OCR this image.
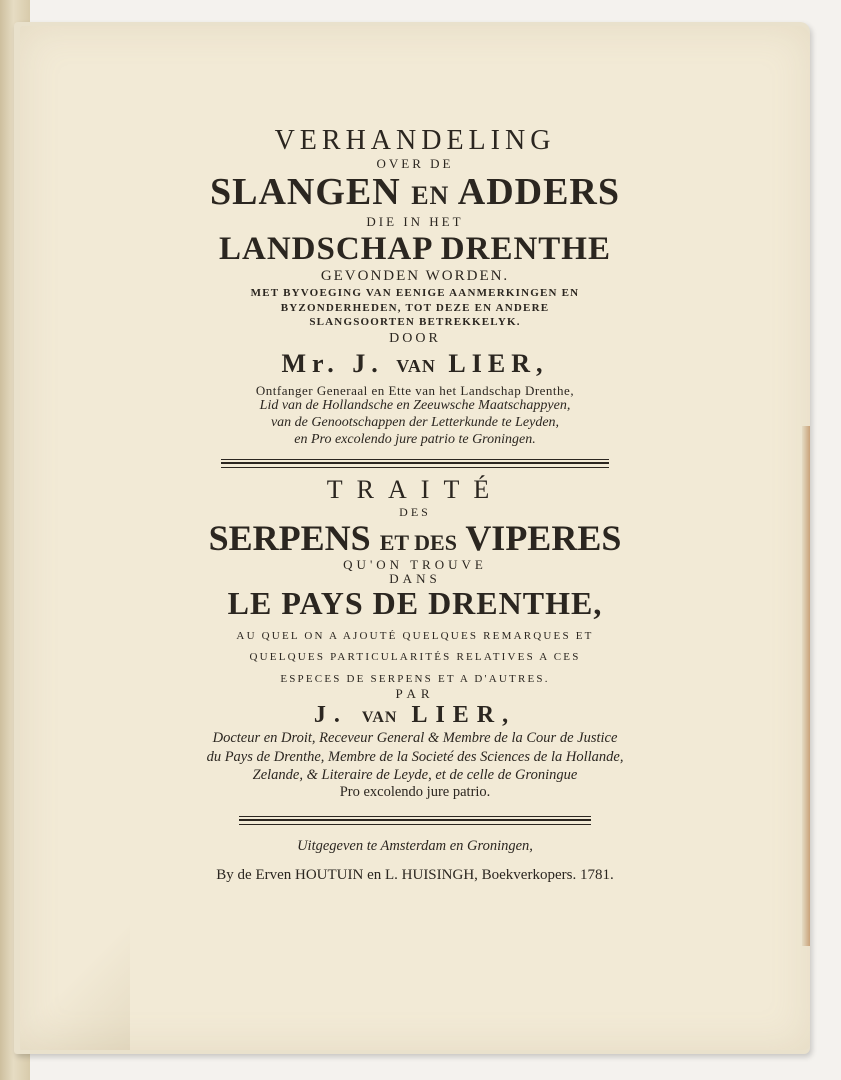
VERHANDELING
OVER DE
SLANGEN EN ADDERS
DIE IN HET
LANDSCHAP DRENTHE
GEVONDEN WORDEN.
MET BYVOEGING VAN EENIGE AANMERKINGEN EN
BYZONDERHEDEN, TOT DEZE EN ANDERE
SLANGSOORTEN BETREKKELYK.
DOOR
Mr. J. VAN LIER,
Ontfanger Generaal en Ette van het Landschap Drenthe,
Lid van de Hollandsche en Zeeuwsche Maatschappyen,
van de Genootschappen der Letterkunde te Leyden,
en Pro excolendo jure patrio te Groningen.
TRAITÉ
DES
SERPENS ET DES VIPERES
QU'ON TROUVE
DANS
LE PAYS DE DRENTHE,
AU QUEL ON A AJOUTÉ QUELQUES REMARQUES ET
QUELQUES PARTICULARITÉS RELATIVES A CES
ESPECES DE SERPENS ET A D'AUTRES.
PAR
J. VAN LIER,
Docteur en Droit, Receveur General & Membre de la Cour de Justice
du Pays de Drenthe, Membre de la Societé des Sciences de la Hollande,
Zelande, & Literaire de Leyde, et de celle de Groningue
Pro excolendo jure patrio.
Uitgegeven te Amsterdam en Groningen,
By de Erven HOUTUIN en L. HUISINGH, Boekverkopers. 1781.
